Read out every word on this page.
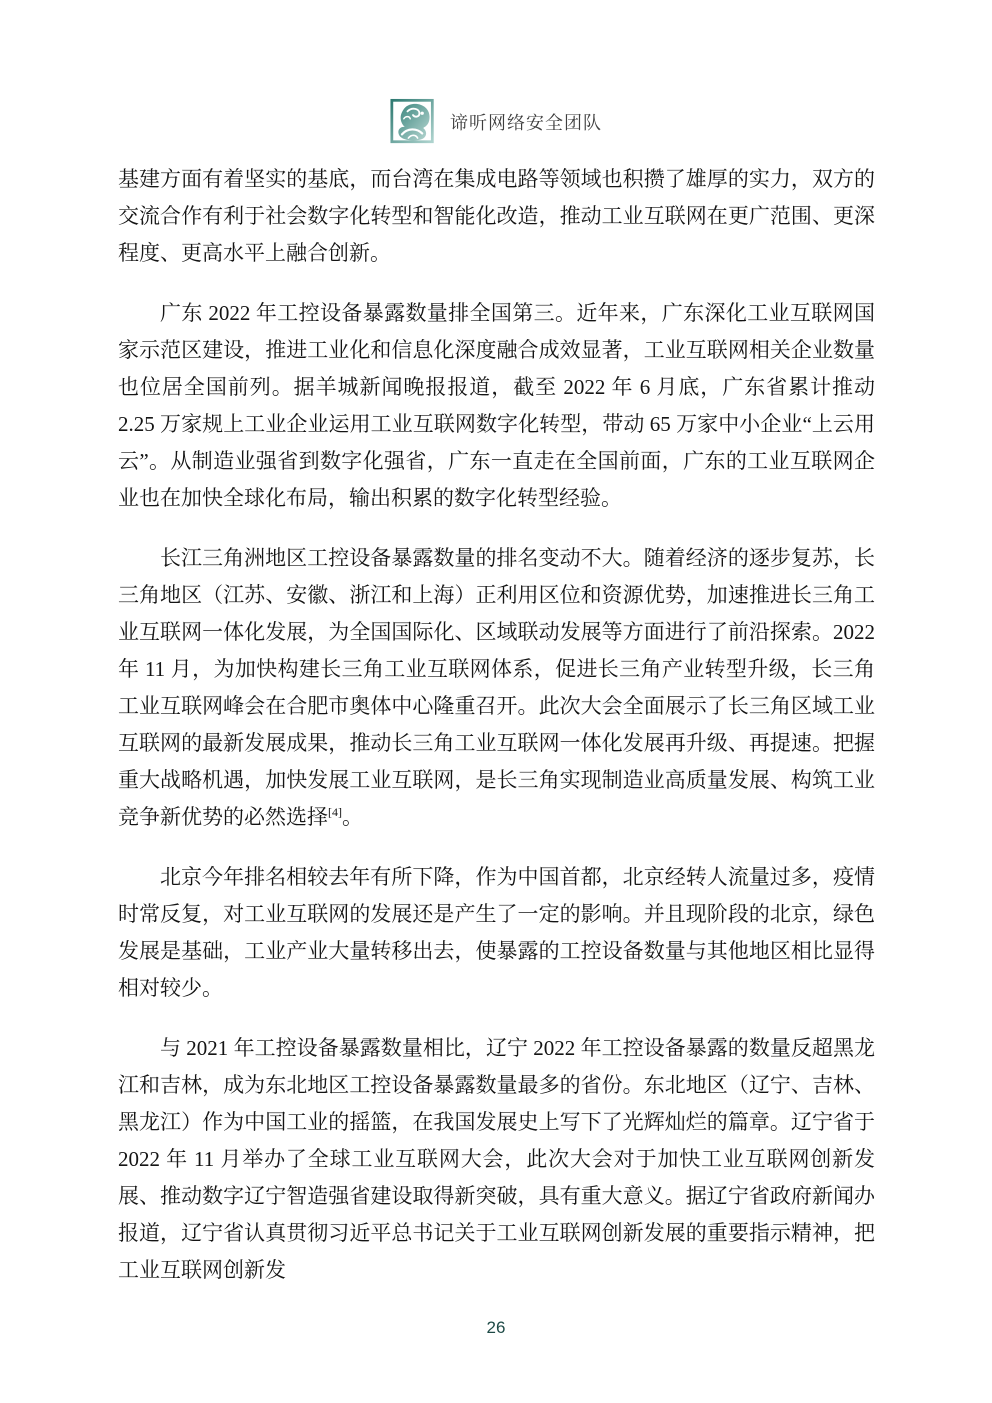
谛听网络安全团队

基建方面有着坚实的基底，而台湾在集成电路等领域也积攒了雄厚的实力，双方的交流合作有利于社会数字化转型和智能化改造，推动工业互联网在更广范围、更深程度、更高水平上融合创新。

广东 2022 年工控设备暴露数量排全国第三。近年来，广东深化工业互联网国家示范区建设，推进工业化和信息化深度融合成效显著，工业互联网相关企业数量也位居全国前列。据羊城新闻晚报报道，截至 2022 年 6 月底，广东省累计推动 2.25 万家规上工业企业运用工业互联网数字化转型，带动 65 万家中小企业“上云用云”。从制造业强省到数字化强省，广东一直走在全国前面，广东的工业互联网企业也在加快全球化布局，输出积累的数字化转型经验。

长江三角洲地区工控设备暴露数量的排名变动不大。随着经济的逐步复苏，长三角地区（江苏、安徽、浙江和上海）正利用区位和资源优势，加速推进长三角工业互联网一体化发展，为全国国际化、区域联动发展等方面进行了前沿探索。2022 年 11 月，为加快构建长三角工业互联网体系，促进长三角产业转型升级，长三角工业互联网峰会在合肥市奥体中心隆重召开。此次大会全面展示了长三角区域工业互联网的最新发展成果，推动长三角工业互联网一体化发展再升级、再提速。把握重大战略机遇，加快发展工业互联网，是长三角实现制造业高质量发展、构筑工业竞争新优势的必然选择[4]。

北京今年排名相较去年有所下降，作为中国首都，北京经转人流量过多，疫情时常反复，对工业互联网的发展还是产生了一定的影响。并且现阶段的北京，绿色发展是基础，工业产业大量转移出去，使暴露的工控设备数量与其他地区相比显得相对较少。

与 2021 年工控设备暴露数量相比，辽宁 2022 年工控设备暴露的数量反超黑龙江和吉林，成为东北地区工控设备暴露数量最多的省份。东北地区（辽宁、吉林、黑龙江）作为中国工业的摇篮，在我国发展史上写下了光辉灿烂的篇章。辽宁省于 2022 年 11 月举办了全球工业互联网大会，此次大会对于加快工业互联网创新发展、推动数字辽宁智造强省建设取得新突破，具有重大意义。据辽宁省政府新闻办报道，辽宁省认真贯彻习近平总书记关于工业互联网创新发展的重要指示精神，把工业互联网创新发

26
